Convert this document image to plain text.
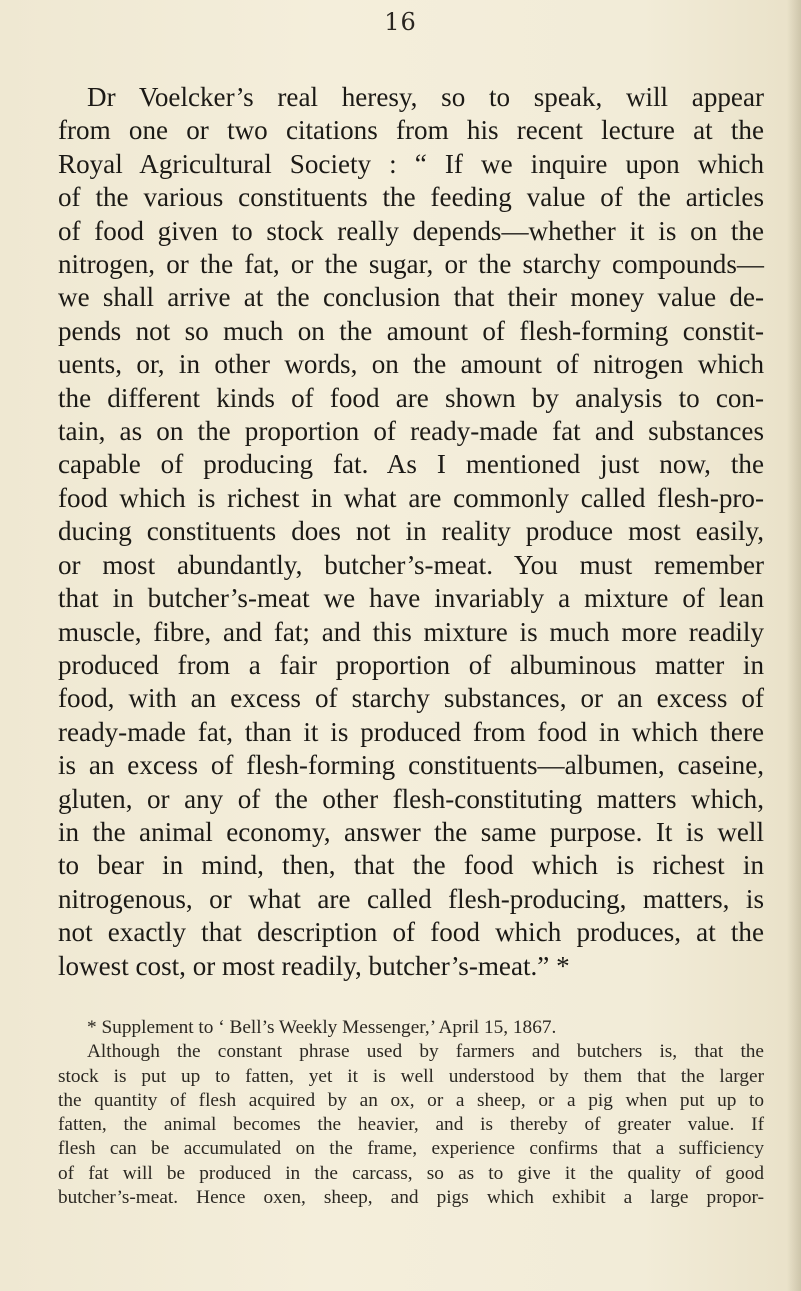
16

Dr Voelcker’s real heresy, so to speak, will appear
from one or two citations from his recent lecture at the
Royal Agricultural Society : “ If we inquire upon which
of the various constituents the feeding value of the articles
of food given to stock really depends—whether it is on the
nitrogen, or the fat, or the sugar, or the starchy compounds—
we shall arrive at the conclusion that their money value de-
pends not so much on the amount of flesh-forming constit-
uents, or, in other words, on the amount of nitrogen which
the different kinds of food are shown by analysis to con-
tain, as on the proportion of ready-made fat and substances
capable of producing fat. As I mentioned just now, the
food which is richest in what are commonly called flesh-pro-
ducing constituents does not in reality produce most easily,
or most abundantly, butcher’s-meat. You must remember
that in butcher’s-meat we have invariably a mixture of lean
muscle, fibre, and fat; and this mixture is much more readily
produced from a fair proportion of albuminous matter in
food, with an excess of starchy substances, or an excess of
ready-made fat, than it is produced from food in which there
is an excess of flesh-forming constituents—albumen, caseine,
gluten, or any of the other flesh-constituting matters which,
in the animal economy, answer the same purpose. It is well
to bear in mind, then, that the food which is richest in
nitrogenous, or what are called flesh-producing, matters, is
not exactly that description of food which produces, at the
lowest cost, or most readily, butcher’s-meat.” *

* Supplement to ‘ Bell’s Weekly Messenger,’ April 15, 1867.
Although the constant phrase used by farmers and butchers is, that the
stock is put up to fatten, yet it is well understood by them that the larger
the quantity of flesh acquired by an ox, or a sheep, or a pig when put up to
fatten, the animal becomes the heavier, and is thereby of greater value. If
flesh can be accumulated on the frame, experience confirms that a sufficiency
of fat will be produced in the carcass, so as to give it the quality of good
butcher’s-meat. Hence oxen, sheep, and pigs which exhibit a large propor-
